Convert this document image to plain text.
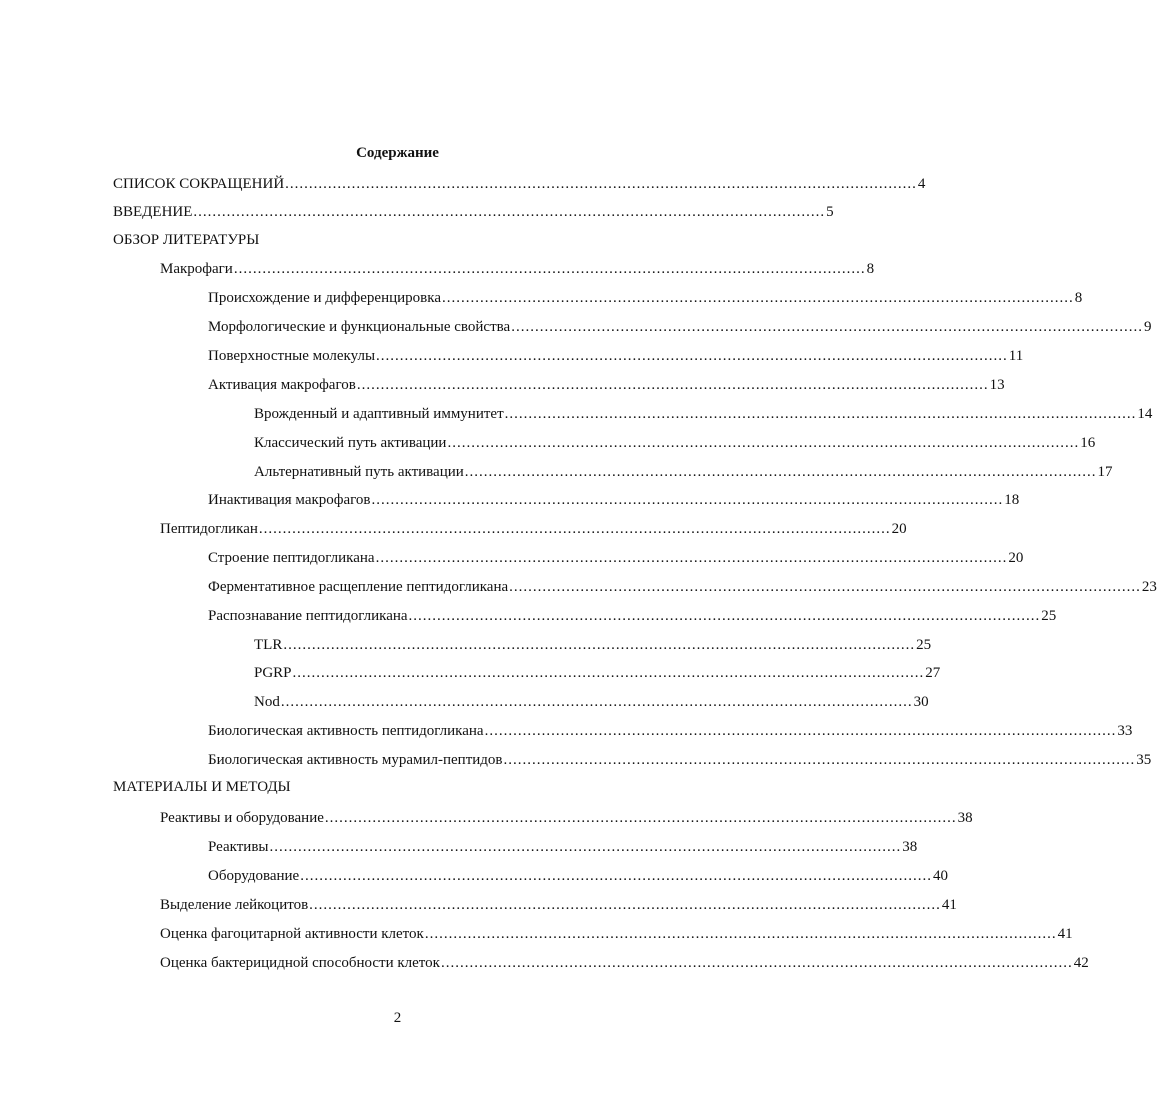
Содержание
СПИСОК СОКРАЩЕНИЙ ..................................................................................................................................... 4
ВВЕДЕНИЕ ..................................................................................................................................... 5
ОБЗОР ЛИТЕРАТУРЫ
Макрофаги ..................................................................................................................................... 8
Происхождение и дифференцировка ..................................................................................................................................... 8
Морфологические и функциональные свойства ..................................................................................................................................... 9
Поверхностные молекулы ..................................................................................................................................... 11
Активация макрофагов ..................................................................................................................................... 13
Врожденный и адаптивный иммунитет ..................................................................................................................................... 14
Классический путь активации ..................................................................................................................................... 16
Альтернативный путь активации ..................................................................................................................................... 17
Инактивация макрофагов ..................................................................................................................................... 18
Пептидогликан ..................................................................................................................................... 20
Строение пептидогликана ..................................................................................................................................... 20
Ферментативное расщепление пептидогликана ..................................................................................................................................... 23
Распознавание пептидогликана ..................................................................................................................................... 25
TLR ..................................................................................................................................... 25
PGRP ..................................................................................................................................... 27
Nod ..................................................................................................................................... 30
Биологическая активность пептидогликана ..................................................................................................................................... 33
Биологическая активность мурамил-пептидов ..................................................................................................................................... 35
МАТЕРИАЛЫ И МЕТОДЫ
Реактивы и оборудование ..................................................................................................................................... 38
Реактивы ..................................................................................................................................... 38
Оборудование ..................................................................................................................................... 40
Выделение лейкоцитов ..................................................................................................................................... 41
Оценка фагоцитарной активности клеток ..................................................................................................................................... 41
Оценка бактерицидной способности клеток ..................................................................................................................................... 42
2
